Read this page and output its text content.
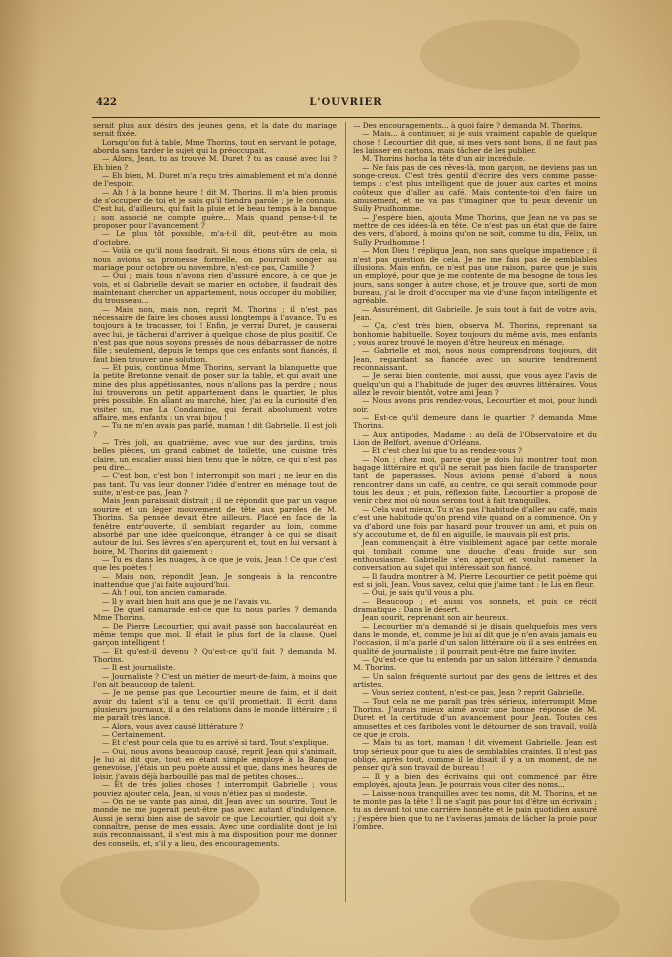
422	L'OUVRIER

serait plus aux désirs des jeunes gens, et la date du mariage serait fixée.

Lorsqu'on fut à table, Mme Thorins, tout en servant le potage, aborda sans tarder le sujet qui la préoccupait.

— Alors, Jean, tu as trouvé M. Duret ? tu as causé avec lui ? Eh bien ?

— Eh bien, M. Duret m'a reçu très aimablement et m'a donné de l'espoir.

— Ah ! à la bonne heure ! dit M. Thorins. Il m'a bien promis de s'occuper de toi et je sais qu'il tiendra parole ; je le connais. C'est lui, d'ailleurs, qui fait la pluie et le beau temps à la banque ; son associé ne compte guère... Mais quand pense-t-il te proposer pour l'avancement ?

— Le plus tôt possible, m'a-t-il dit, peut-être au mois d'octobre.

— Voilà ce qu'il nous faudrait. Si nous étions sûrs de cela, si nous avions sa promesse formelle, on pourrait songer au mariage pour octobre ou novembre, n'est-ce pas, Camille ?

— Oui ; mais tous n'avons rien d'assuré encore, à ce que je vois, et si Gabrielle devait se marier en octobre, il faudrait dès maintenant chercher un appartement, nous occuper du mobilier, du trousseau...

— Mais non, mais non, reprit M. Thorins ; il n'est pas nécessaire de faire les choses aussi longtemps à l'avance. Tu es toujours à te tracasser, toi ! Enfin, je verrai Duret, je causerai avec lui, je tâcherai d'arriver à quelque chose de plus positif. Ce n'est pas que nous soyons pressés de nous débarrasser de notre fille ; seulement, depuis le temps que ces enfants sont fiancés, il faut bien trouver une solution.

— Et puis, continua Mme Thorins, servant la blanquette que la petite Bretonne venait de poser sur la table, et qui avait une mine des plus appétissantes, nous n'allons pas la perdre ; nous lui trouverons un petit appartement dans le quartier, le plus près possible. En allant au marché, hier, j'ai eu la curiosité d'en visiter un, rue La Condamine, qui ferait absolument votre affaire, mes enfants : un vrai bijou !

— Tu ne m'en avais pas parlé, maman ! dit Gabrielle. Il est joli ?

— Très joli, au quatrième, avec vue sur des jardins, trois belles pièces, un grand cabinet de toilette, une cuisine très claire, un escalier aussi bien tenu que le nôtre, ce qui n'est pas peu dire...

— C'est bon, c'est bon ! interrompit son mari ; ne leur en dis pas tant. Tu vas leur donner l'idée d'entrer en ménage tout de suite, n'est-ce pas, Jean ?

Mais Jean paraissait distrait ; il ne répondit que par un vague sourire et un léger mouvement de tête aux paroles de M. Thorins. Sa pensée devait être ailleurs. Placé en face de la fenêtre entr'ouverte, il semblait regarder au loin, comme absorbé par une idée quelconque, étranger à ce qui se disait autour de lui. Ses lèvres s'en aperçurent et, tout en lui versant à boire, M. Thorins dit gaiement :

— Tu es dans les nuages, à ce que je vois, Jean ! Ce que c'est que les poètes !

— Mais non, répondit Jean. Je songeais à la rencontre inattendue que j'ai faite aujourd'hui.

— Ah ! oui, ton ancien camarade.

— Il y avait bien huit ans que je ne l'avais vu.

— De quel camarade est-ce que tu nous parles ? demanda Mme Thorins.

— De Pierre Lecourtier, qui avait passé son baccalauréat en même temps que moi. Il était le plus fort de la classe. Quel garçon intelligent !

— Et qu'est-il devenu ? Qu'est-ce qu'il fait ? demanda M. Thorins.

— Il est journaliste.

— Journaliste ? C'est un métier de meurt-de-faim, à moins que l'on ait beaucoup de talent.

— Je ne pense pas que Lecourtier meure de faim, et il doit avoir du talent s'il a tenu ce qu'il promettait. Il écrit dans plusieurs journaux, il a des relations dans le monde littéraire ; il me paraît très lancé.

— Alors, vous avez causé littérature ?

— Certainement.

— Et c'est pour cela que tu es arrivé si tard. Tout s'explique.

— Oui, nous avons beaucoup causé, reprit Jean qui s'animait. Je lui ai dit que, tout en étant simple employé à la Banque genevoise, j'étais un peu poète aussi et que, dans mes heures de loisir, j'avais déjà barbouillé pas mal de petites choses...

— Et de très jolies choses ! interrompit Gabrielle ; vous pouviez ajouter cela, Jean, si vous n'étiez pas si modeste.

— On ne se vante pas ainsi, dit Jean avec un sourire. Tout le monde ne me jugerait peut-être pas avec autant d'indulgence. Aussi je serai bien aise de savoir ce que Lecourtier, qui doit s'y connaître, pense de mes essais. Avec une cordialité dont je lui suis reconnaissant, il s'est mis à ma disposition pour me donner des conseils, et, s'il y a lieu, des encouragements.

— Des encouragements... à quoi faire ? demanda M. Thorins.

— Mais... à continuer, si je suis vraiment capable de quelque chose ! Lecourtier dit que, si mes vers sont bons, il ne faut pas les laisser en cartons, mais tâcher de les publier.

M. Thorins hocha la tête d'un air incrédule.

— Ne fais pas de ces rêves-là, mon garçon, ne deviens pas un songe-creux. C'est très gentil d'écrire des vers comme passe-temps : c'est plus intelligent que de jouer aux cartes et moins coûteux que d'aller au café. Mais contente-toi d'en faire un amusement, et ne va pas t'imaginer que tu peux devenir un Sully Prudhomme.

— J'espère bien, ajouta Mme Thorins, que Jean ne va pas se mettre de ces idées-là en tête. Ce n'est pas un état que de faire des vers, d'abord, à moins qu'on ne soit, comme tu dis, Félix, un Sully Prudhomme !

— Mon Dieu ! répliqua Jean, non sans quelque impatience ; il n'est pas question de cela. Je ne me fais pas de semblables illusions. Mais enfin, ce n'est pas une raison, parce que je suis un employé, pour que je me contente de ma besogne de tous les jours, sans songer à autre chose, et je trouve que, sorti de mon bureau, j'ai le droit d'occuper ma vie d'une façon intelligente et agréable.

— Assurément, dit Gabrielle. Je suis tout à fait de votre avis, Jean.

— Ça, c'est très bien, observa M. Thorins, reprenant sa bonhomie habituelle. Soyez toujours du même avis, mes enfants ; vous aurez trouvé le moyen d'être heureux en ménage.

— Gabrielle et moi, nous nous comprendrons toujours, dit Jean, regardant sa fiancée avec un sourire tendrement reconnaissant.

— Je serai bien contente, moi aussi, que vous ayez l'avis de quelqu'un qui a l'habitude de juger des œuvres littéraires. Vous allez le revoir bientôt, votre ami Jean ?

— Nous avons pris rendez-vous, Lecourtier et moi, pour lundi soir.

— Est-ce qu'il demeure dans le quartier ? demanda Mme Thorins.

— Aux antipodes, Madame : au delà de l'Observatoire et du Lion de Belfort, avenue d'Orléans.

— Et c'est chez lui que tu as rendez-vous ?

— Non ; chez moi, parce que je dois lui montrer tout mon bagage littéraire et qu'il ne serait pas bien facile de transporter tant de paperasses. Nous avions pensé d'abord à nous rencontrer dans un café, au centre, ce qui serait commode pour tous les deux ; et puis, réflexion faite, Lecourtier a proposé de venir chez moi où nous serons tout à fait tranquilles.

— Cela vaut mieux. Tu n'as pas l'habitude d'aller au café, mais c'est une habitude qu'on prend vite quand on a commencé. On y va d'abord une fois par hasard pour trouver un ami, et puis on s'y accoutume et, de fil en aiguille, le mauvais pli est pris.

Jean commençait à être visiblement agacé par cette morale qui tombait comme une douche d'eau froide sur son enthousiasme. Gabrielle s'en aperçut et voulut ramener la conversation au sujet qui intéressait son fiancé.

— Il faudra montrer à M. Pierre Lecourtier ce petit poème qui est si joli, Jean. Vous savez, celui que j'aime tant : le Lis en fleur.

— Oui, je sais qu'il vous a plu.

— Beaucoup ; et aussi vos sonnets, et puis ce récit dramatique : Dans le désert.

Jean sourit, reprenant son air heureux.

— Lecourtier m'a demandé si je disais quelquefois mes vers dans le monde, et, comme je lui ai dit que je n'en avais jamais eu l'occasion, il m'a parlé d'un salon littéraire où il a ses entrées en qualité de journaliste ; il pourrait peut-être me faire inviter.

— Qu'est-ce que tu entends par un salon littéraire ? demanda M. Thorins.

— Un salon fréquenté surtout par des gens de lettres et des artistes.

— Vous seriez content, n'est-ce pas, Jean ? reprit Gabrielle.

— Tout cela ne me paraît pas très sérieux, interrompit Mme Thorins. J'aurais mieux aimé avoir une bonne réponse de M. Duret et la certitude d'un avancement pour Jean. Toutes ces amusettes et ces fariboles vont le détourner de son travail, voilà ce que je crois.

— Mais tu as tort, maman ! dit vivement Gabrielle. Jean est trop sérieux pour que tu aies de semblables craintes. Il n'est pas obligé, après tout, comme il le disait il y a un moment, de ne penser qu'à son travail de bureau !

— Il y a bien des écrivains qui ont commencé par être employés, ajouta Jean. Je pourrais vous citer des noms...

— Laisse-nous tranquilles avec tes noms, dit M. Thorins, et ne te monte pas la tête ! Il ne s'agit pas pour toi d'être un écrivain ; tu as devant toi une carrière honnête et le pain quotidien assuré ; j'espère bien que tu ne t'aviseras jamais de lâcher la proie pour l'ombre.
